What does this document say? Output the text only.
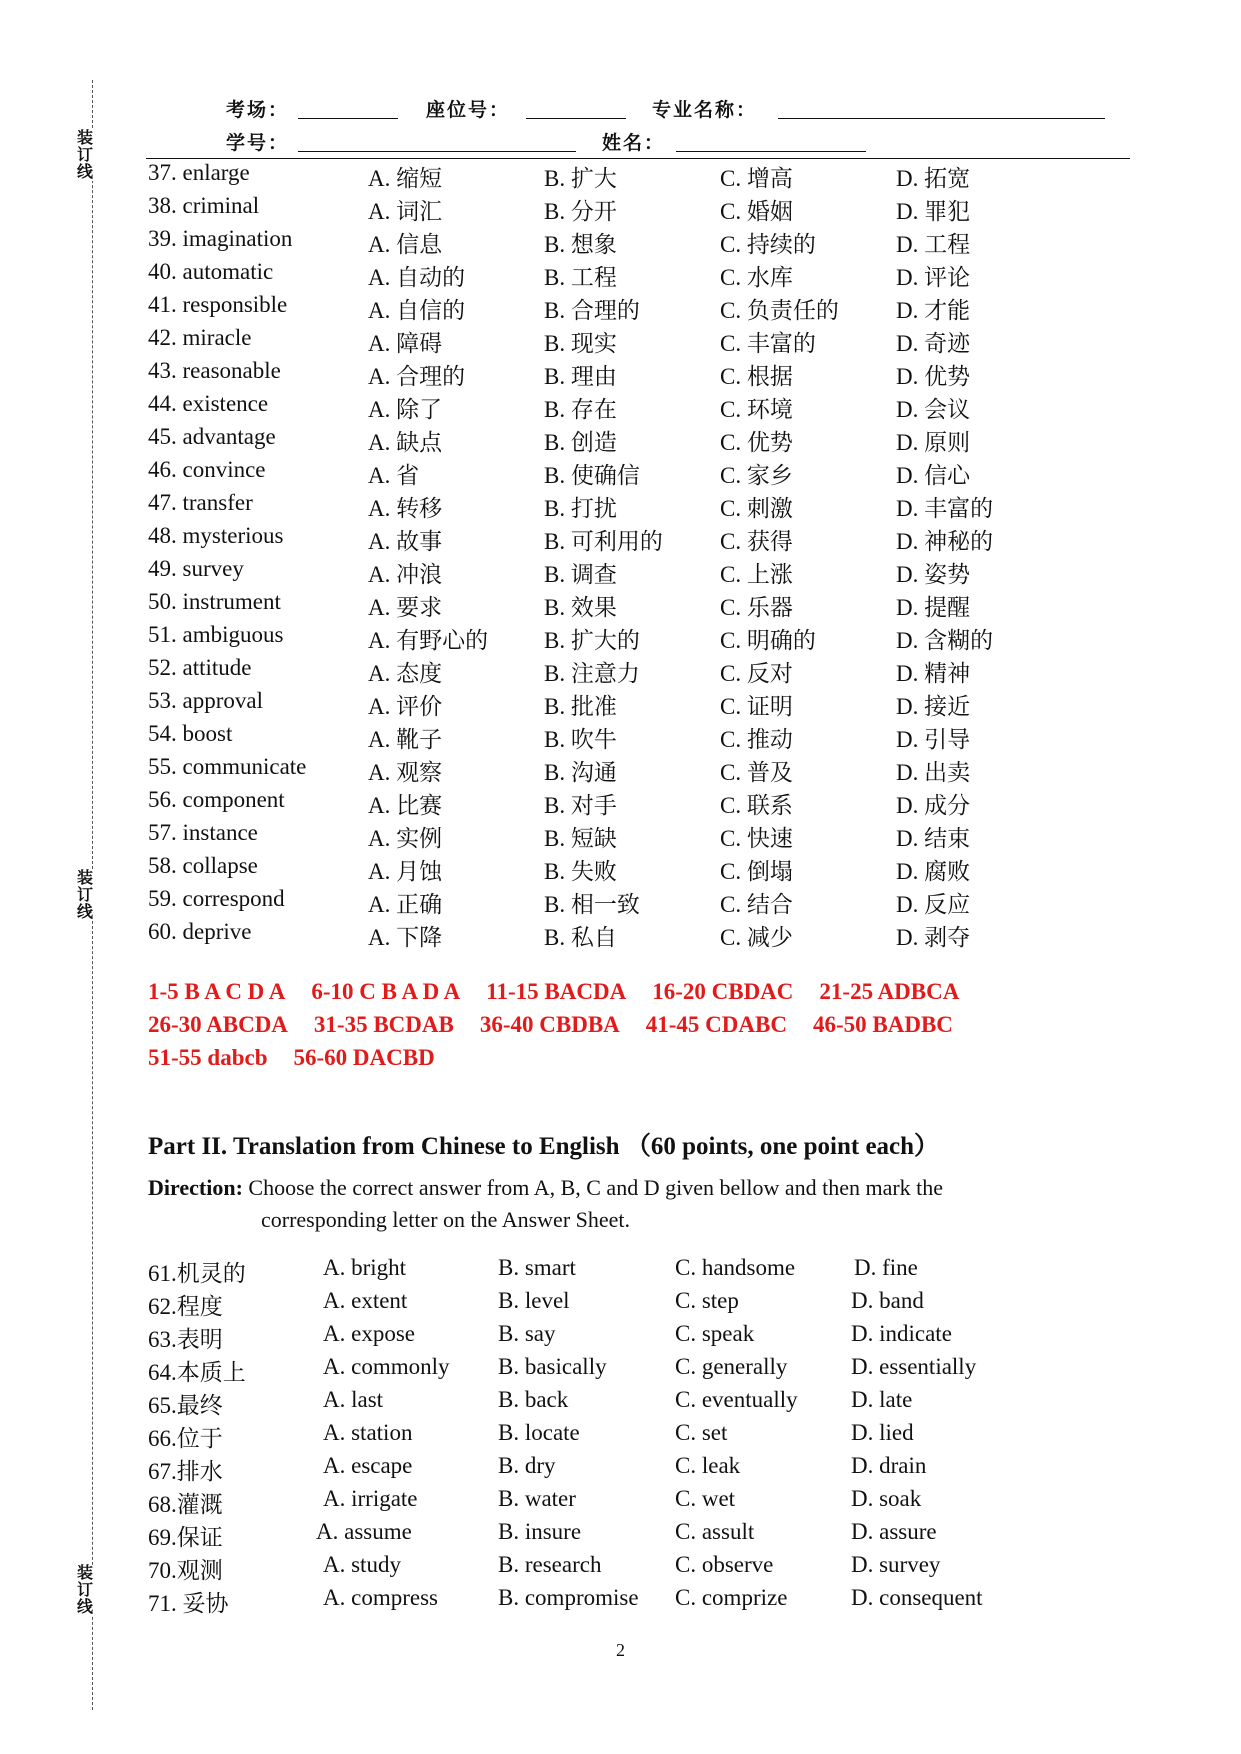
装订线
装订线
装订线
考场：	座位号：	专业名称：
学号：	姓名：
37. enlarge	A. 缩短	B. 扩大	C. 增高	D. 拓宽
38. criminal	A. 词汇	B. 分开	C. 婚姻	D. 罪犯
39. imagination	A. 信息	B. 想象	C. 持续的	D. 工程
40. automatic	A. 自动的	B. 工程	C. 水库	D. 评论
41. responsible	A. 自信的	B. 合理的	C. 负责任的 D. 才能
42. miracle	A. 障碍	B. 现实	C. 丰富的	D. 奇迹
43. reasonable	A. 合理的	B. 理由	C. 根据	D. 优势
44. existence	A. 除了	B. 存在	C. 环境	D. 会议
45. advantage	A. 缺点	B. 创造	C. 优势	D. 原则
46. convince	A. 省	B. 使确信	C. 家乡	D. 信心
47. transfer	A. 转移	B. 打扰	C. 刺激	D. 丰富的
48. mysterious	A. 故事	B. 可利用的 C. 获得	D. 神秘的
49. survey	A. 冲浪	B. 调查	C. 上涨	D. 姿势
50. instrument	A. 要求	B. 效果	C. 乐器	D. 提醒
51. ambiguous	A. 有野心的 B. 扩大的	C. 明确的	D. 含糊的
52. attitude	A. 态度	B. 注意力	C. 反对	D. 精神
53. approval	A. 评价	B. 批准	C. 证明	D. 接近
54. boost	A. 靴子	B. 吹牛	C. 推动	D. 引导
55. communicate	A. 观察	B. 沟通	C. 普及	D. 出卖
56. component	A. 比赛	B. 对手	C. 联系	D. 成分
57. instance	A. 实例	B. 短缺	C. 快速	D. 结束
58. collapse	A. 月蚀	B. 失败	C. 倒塌	D. 腐败
59. correspond	A. 正确	B. 相一致	C. 结合	D. 反应
60. deprive	A. 下降	B. 私自	C. 减少	D. 剥夺
1-5 B A C D A 6-10 C B A D A 11-15 BACDA 16-20 CBDAC 21-25 ADBCA
26-30 ABCDA 31-35 BCDAB 36-40 CBDBA 41-45 CDABC 46-50 BADBC
51-55 dabcb 56-60 DACBD
Part II. Translation from Chinese to English （60 points, one point each）
Direction: Choose the correct answer from A, B, C and D given bellow and then mark the
corresponding letter on the Answer Sheet.
61.机灵的	A. bright	B. smart	C. handsome	D. fine
62.程度	A. extent	B. level	C. step	D. band
63.表明	A. expose	B. say	C. speak	D. indicate
64.本质上	A. commonly B. basically	C. generally	D. essentially
65.最终	A. last	B. back	C. eventually D. late
66.位于	A. station	B. locate	C. set	D. lied
67.排水	A. escape	B. dry	C. leak	D. drain
68.灌溉	A. irrigate	B. water	C. wet	D. soak
69.保证	A. assume	B. insure	C. assult	D. assure
70.观测	A. study	B. research	C. observe	D. survey
71. 妥协	A. compress	B. compromise C. comprize	D. consequent
2
